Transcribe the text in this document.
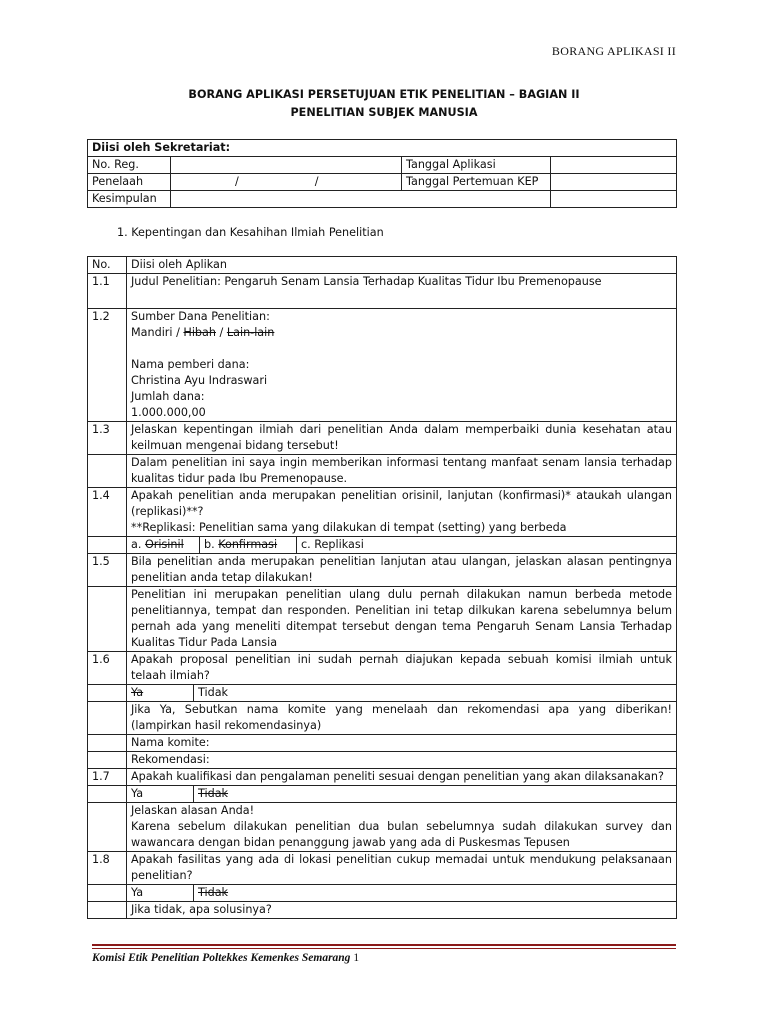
BORANG APLIKASI II
BORANG APLIKASI PERSETUJUAN ETIK PENELITIAN – BAGIAN II
PENELITIAN SUBJEK MANUSIA
Diisi oleh Sekretariat:			
No. Reg.		Tanggal Aplikasi	
Penelaah	/ /	Tanggal Pertemuan KEP	
Kesimpulan			
1. Kepentingan dan Kesahihan Ilmiah Penelitian
No.	Diisi oleh Aplikan
1.1	Judul Penelitian: Pengaruh Senam Lansia Terhadap Kualitas Tidur Ibu Premenopause
1.2	Sumber Dana Penelitian:
Mandiri / Hibah / Lain-lain
Nama pemberi dana:
Christina Ayu Indraswari
Jumlah dana:
1.000.000,00

1.3	Jelaskan kepentingan ilmiah dari penelitian Anda dalam memperbaiki dunia kesehatan atau keilmuan mengenai bidang tersebut!
	Dalam penelitian ini saya ingin memberikan informasi tentang manfaat senam lansia terhadap kualitas tidur pada Ibu Premenopause.
1.4	Apakah penelitian anda merupakan penelitian orisinil, lanjutan (konfirmasi)* ataukah ulangan (replikasi)**?
**Replikasi: Penelitian sama yang dilakukan di tempat (setting) yang berbeda

a. Orisinil	b. Konfirmasi	c. Replikasi

1.5	Bila penelitian anda merupakan penelitian lanjutan atau ulangan, jelaskan alasan pentingnya penelitian anda tetap dilakukan!
	Penelitian ini merupakan penelitian ulang dulu pernah dilakukan namun berbeda metode penelitiannya, tempat dan responden. Penelitian ini tetap dilkukan karena sebelumnya belum pernah ada yang meneliti ditempat tersebut dengan tema Pengaruh Senam Lansia Terhadap Kualitas Tidur Pada Lansia
1.6	Apakah proposal penelitian ini sudah pernah diajukan kepada sebuah komisi ilmiah untuk telaah ilmiah?

Ya	Tidak

	Jika Ya, Sebutkan nama komite yang menelaah dan rekomendasi apa yang diberikan! (lampirkan hasil rekomendasinya)
	Nama komite:
	Rekomendasi:
1.7	Apakah kualifikasi dan pengalaman peneliti sesuai dengan penelitian yang akan dilaksanakan?

Ya	Tidak

Jelaskan alasan Anda!
Karena sebelum dilakukan penelitian dua bulan sebelumnya sudah dilakukan survey dan wawancara dengan bidan penanggung jawab yang ada di Puskesmas Tepusen

1.8	Apakah fasilitas yang ada di lokasi penelitian cukup memadai untuk mendukung pelaksanaan penelitian?

Ya	Tidak

	Jika tidak, apa solusinya?
Komisi Etik Penelitian Poltekkes Kemenkes Semarang 1
